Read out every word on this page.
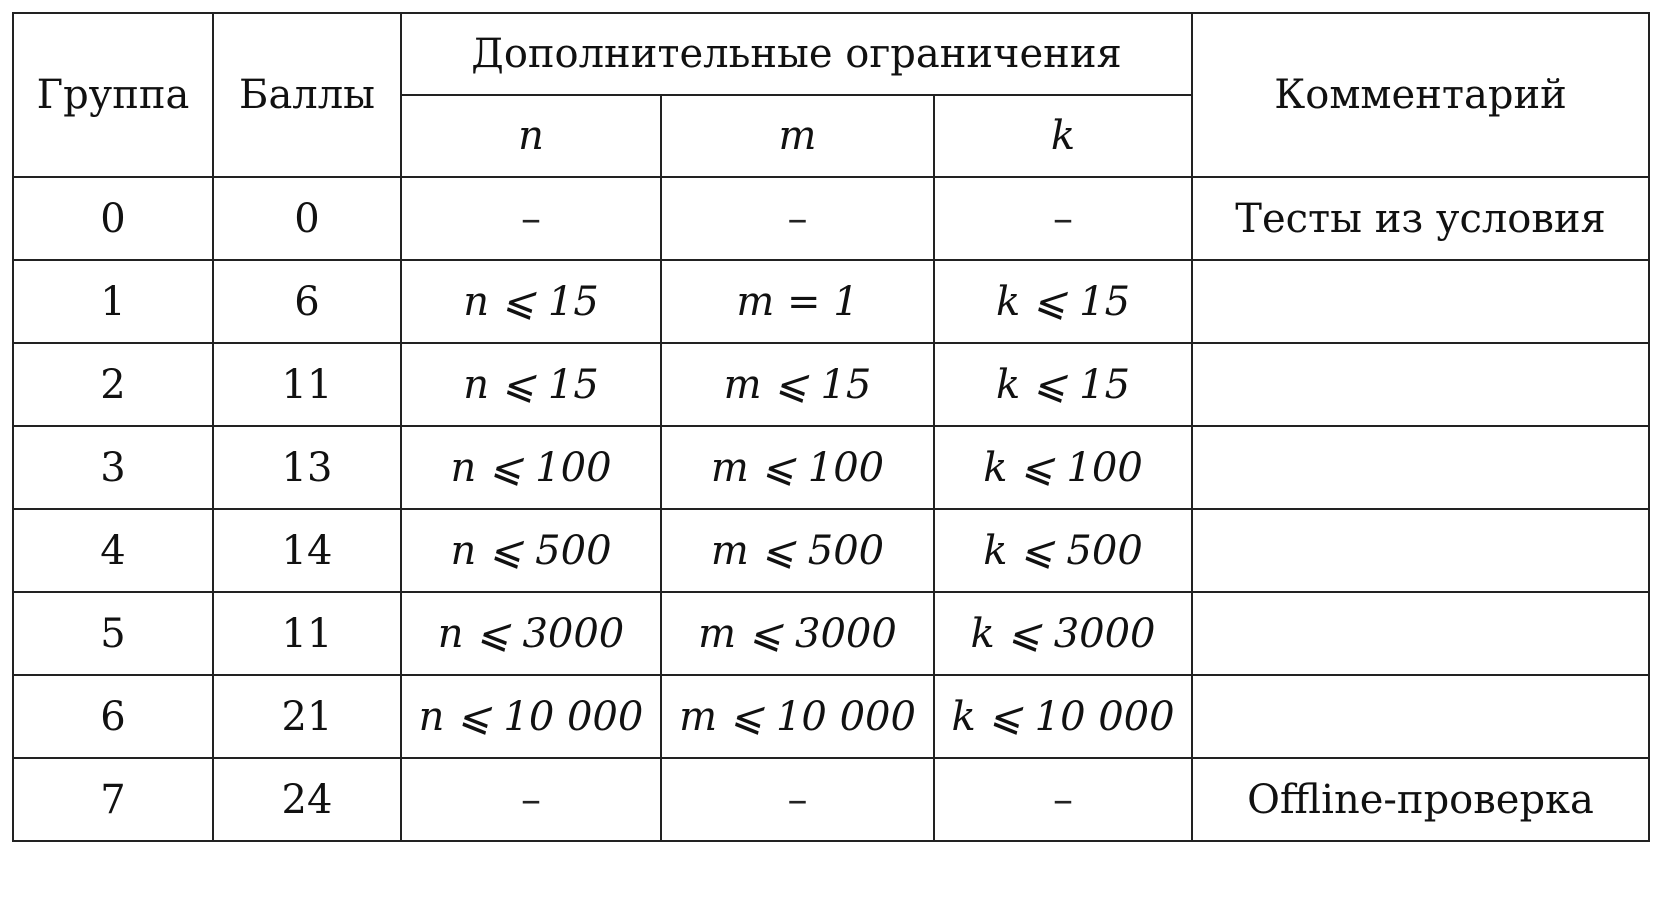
Группа	Баллы	Дополнительные ограничения			Комментарий
		n	m	k	
0	0	–	–	–	Тесты из условия
1	6	n ⩽ 15	m = 1	k ⩽ 15	
2	11	n ⩽ 15	m ⩽ 15	k ⩽ 15	
3	13	n ⩽ 100	m ⩽ 100	k ⩽ 100	
4	14	n ⩽ 500	m ⩽ 500	k ⩽ 500	
5	11	n ⩽ 3000	m ⩽ 3000	k ⩽ 3000	
6	21	n ⩽ 10 000	m ⩽ 10 000	k ⩽ 10 000	
7	24	–	–	–	Offline-проверка
